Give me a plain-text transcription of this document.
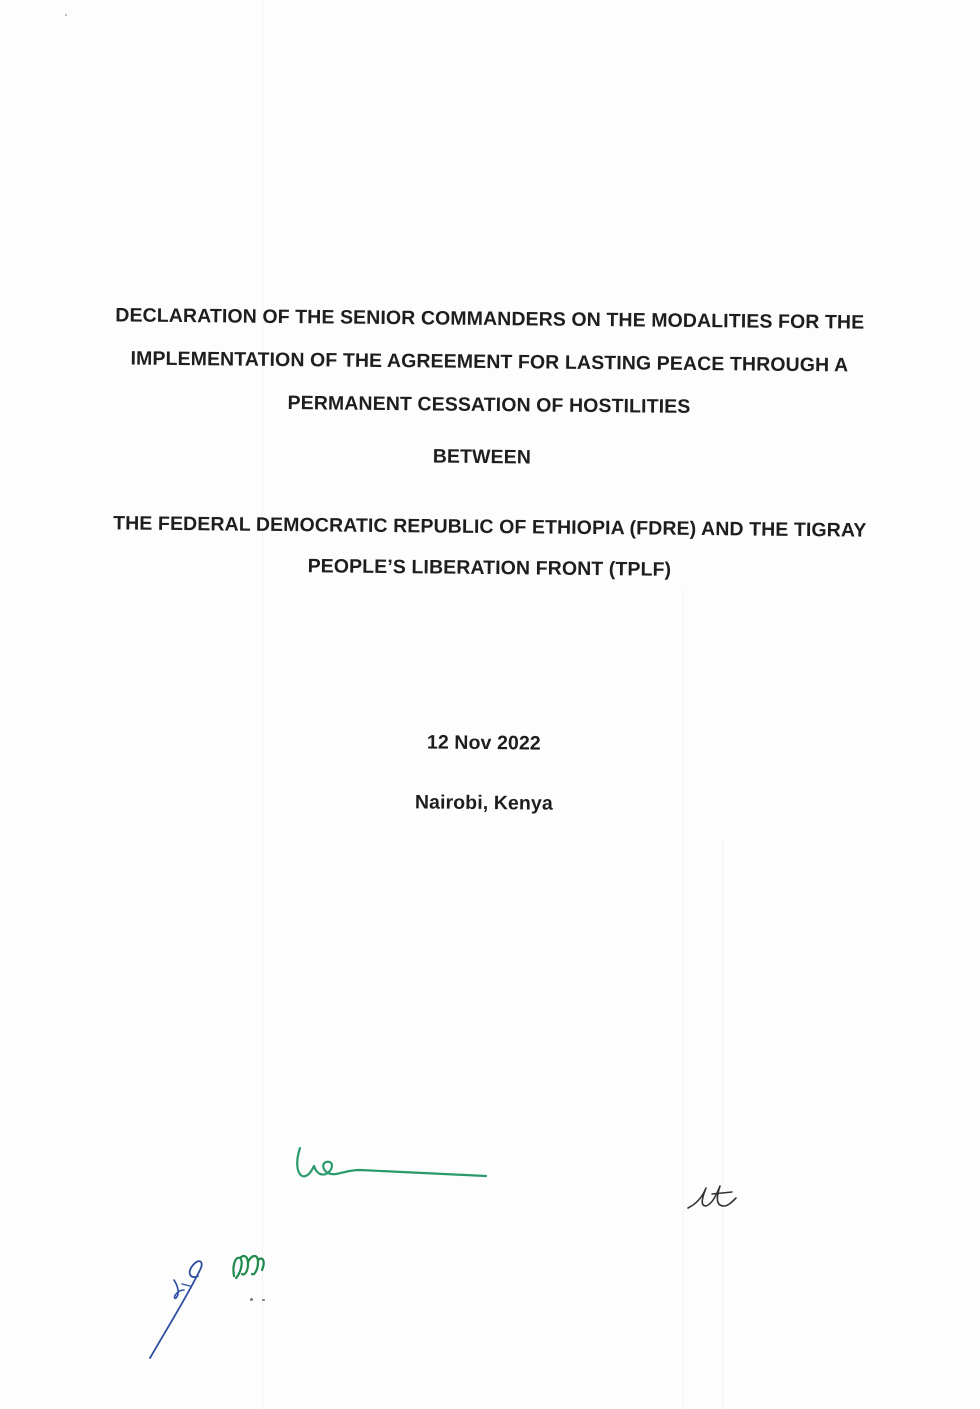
DECLARATION OF THE SENIOR COMMANDERS ON THE MODALITIES FOR THE
IMPLEMENTATION OF THE AGREEMENT FOR LASTING PEACE THROUGH A
PERMANENT CESSATION OF HOSTILITIES
BETWEEN
THE FEDERAL DEMOCRATIC REPUBLIC OF ETHIOPIA (FDRE) AND THE TIGRAY
PEOPLE’S LIBERATION FRONT (TPLF)
12 Nov 2022
Nairobi, Kenya
